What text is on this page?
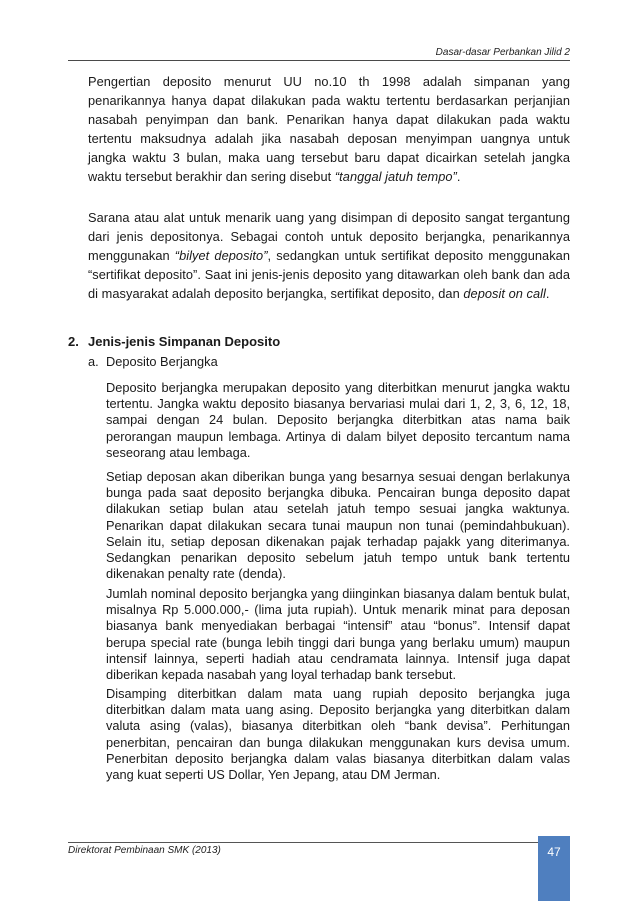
Dasar-dasar Perbankan Jilid 2

Pengertian deposito menurut UU no.10 th 1998 adalah simpanan yang penarikannya hanya dapat dilakukan pada waktu tertentu berdasarkan perjanjian nasabah penyimpan dan bank. Penarikan hanya dapat dilakukan pada waktu tertentu maksudnya adalah jika nasabah deposan menyimpan uangnya untuk jangka waktu 3 bulan, maka uang tersebut baru dapat dicairkan setelah jangka waktu tersebut berakhir dan sering disebut “tanggal jatuh tempo”.

Sarana atau alat untuk menarik uang yang disimpan di deposito sangat tergantung dari jenis depositonya. Sebagai contoh untuk deposito berjangka, penarikannya menggunakan “bilyet deposito”, sedangkan untuk sertifikat deposito menggunakan “sertifikat deposito”. Saat ini jenis-jenis deposito yang ditawarkan oleh bank dan ada di masyarakat adalah deposito berjangka, sertifikat deposito, dan deposit on call.

2. Jenis-jenis Simpanan Deposito
a. Deposito Berjangka

Deposito berjangka merupakan deposito yang diterbitkan menurut jangka waktu tertentu. Jangka waktu deposito biasanya bervariasi mulai dari 1, 2, 3, 6, 12, 18, sampai dengan 24 bulan. Deposito berjangka diterbitkan atas nama baik perorangan maupun lembaga. Artinya di dalam bilyet deposito tercantum nama seseorang atau lembaga.

Setiap deposan akan diberikan bunga yang besarnya sesuai dengan berlakunya bunga pada saat deposito berjangka dibuka. Pencairan bunga deposito dapat dilakukan setiap bulan atau setelah jatuh tempo sesuai jangka waktunya. Penarikan dapat dilakukan secara tunai maupun non tunai (pemindahbukuan). Selain itu, setiap deposan dikenakan pajak terhadap pajakk yang diterimanya. Sedangkan penarikan deposito sebelum jatuh tempo untuk bank tertentu dikenakan penalty rate (denda).

Jumlah nominal deposito berjangka yang diinginkan biasanya dalam bentuk bulat, misalnya Rp 5.000.000,- (lima juta rupiah). Untuk menarik minat para deposan biasanya bank menyediakan berbagai “intensif” atau “bonus”. Intensif dapat berupa special rate (bunga lebih tinggi dari bunga yang berlaku umum) maupun intensif lainnya, seperti hadiah atau cendramata lainnya. Intensif juga dapat diberikan kepada nasabah yang loyal terhadap bank tersebut.

Disamping diterbitkan dalam mata uang rupiah deposito berjangka juga diterbitkan dalam mata uang asing. Deposito berjangka yang diterbitkan dalam valuta asing (valas), biasanya diterbitkan oleh “bank devisa”. Perhitungan penerbitan, pencairan dan bunga dilakukan menggunakan kurs devisa umum. Penerbitan deposito berjangka dalam valas biasanya diterbitkan dalam valas yang kuat seperti US Dollar, Yen Jepang, atau DM Jerman.

Direktorat Pembinaan SMK (2013)	47
